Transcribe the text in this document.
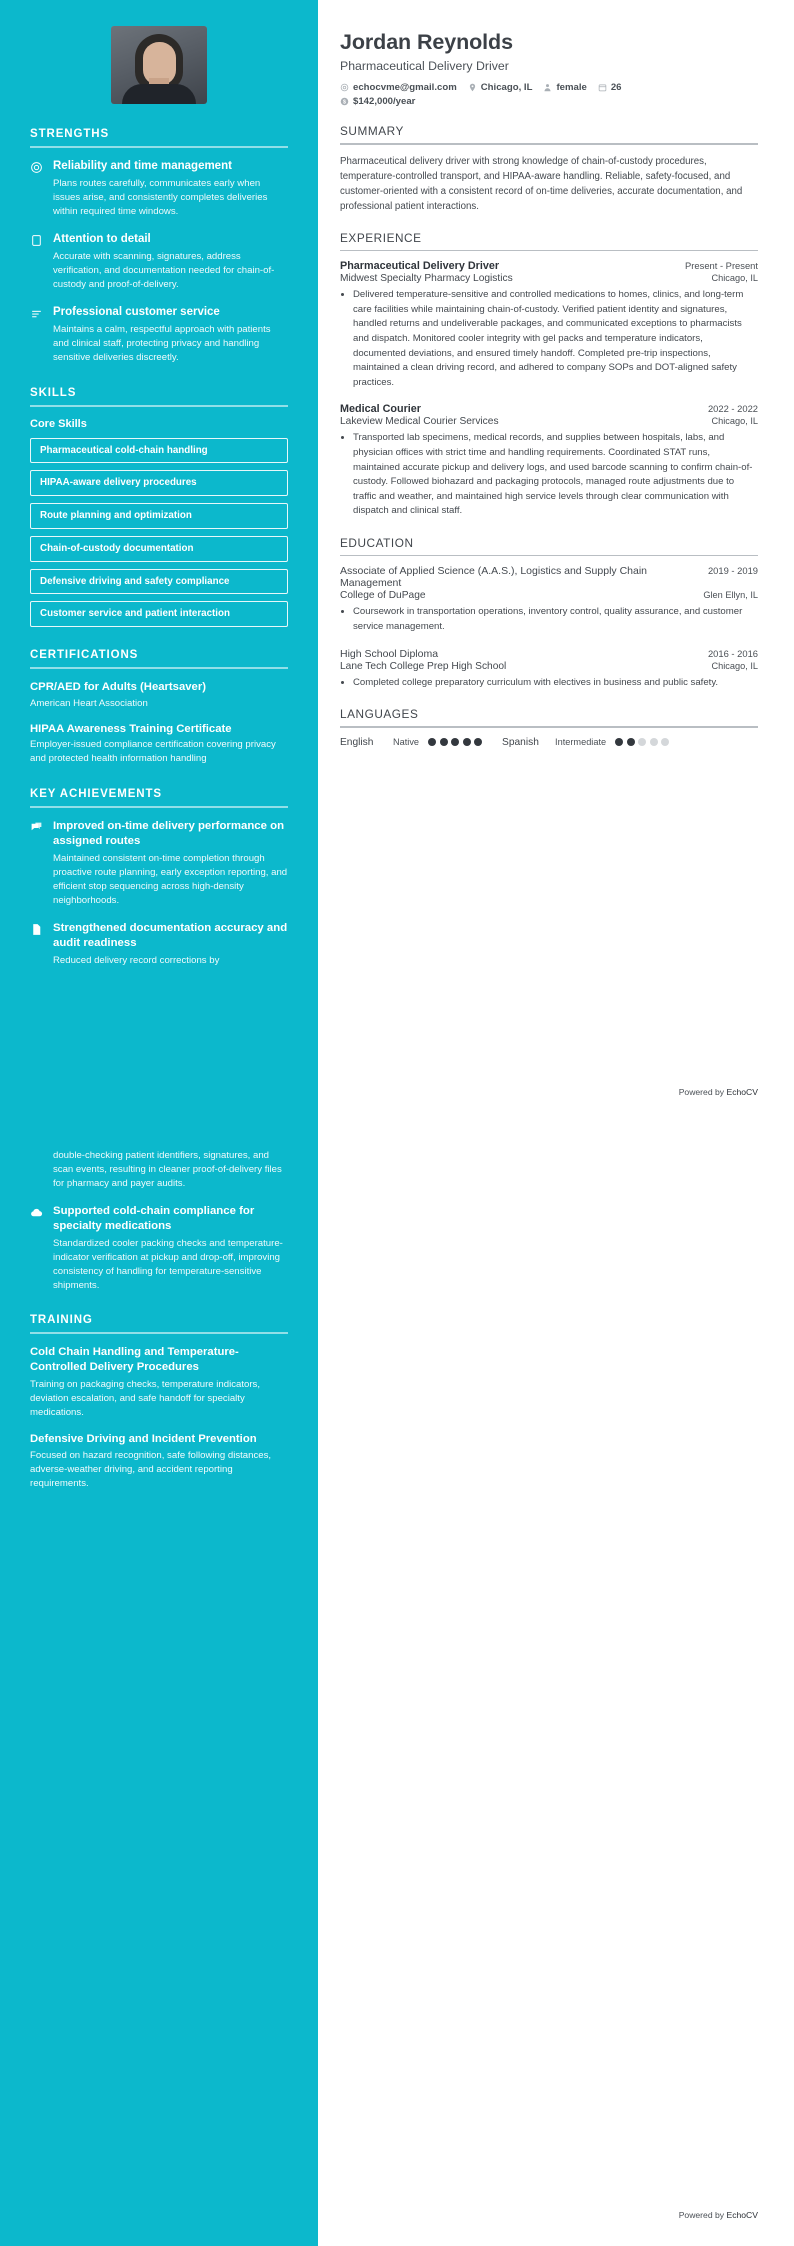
STRENGTHS
Reliability and time management
Plans routes carefully, communicates early when issues arise, and consistently completes deliveries within required time windows.
Attention to detail
Accurate with scanning, signatures, address verification, and documentation needed for chain-of-custody and proof-of-delivery.
Professional customer service
Maintains a calm, respectful approach with patients and clinical staff, protecting privacy and handling sensitive deliveries discreetly.
SKILLS
Core Skills
Pharmaceutical cold-chain handling
HIPAA-aware delivery procedures
Route planning and optimization
Chain-of-custody documentation
Defensive driving and safety compliance
Customer service and patient interaction
CERTIFICATIONS
CPR/AED for Adults (Heartsaver)
American Heart Association
HIPAA Awareness Training Certificate
Employer-issued compliance certification covering privacy and protected health information handling
KEY ACHIEVEMENTS
Improved on-time delivery performance on assigned routes
Maintained consistent on-time completion through proactive route planning, early exception reporting, and efficient stop sequencing across high-density neighborhoods.
Strengthened documentation accuracy and audit readiness
Reduced delivery record corrections by
Jordan Reynolds
Pharmaceutical Delivery Driver
echocvme@gmail.com	Chicago, IL	female	26
$ $142,000/year
SUMMARY

Pharmaceutical delivery driver with strong knowledge of chain-of-custody procedures, temperature-controlled transport, and HIPAA-aware handling. Reliable, safety-focused, and customer-oriented with a consistent record of on-time deliveries, accurate documentation, and professional patient interactions.

EXPERIENCE
Pharmaceutical Delivery Driver	Present - Present
Midwest Specialty Pharmacy Logistics	Chicago, IL
• Delivered temperature-sensitive and controlled medications to homes, clinics, and long-term care facilities while maintaining chain-of-custody. Verified patient identity and signatures, handled returns and undeliverable packages, and communicated exceptions to pharmacists and dispatch. Monitored cooler integrity with gel packs and temperature indicators, documented deviations, and ensured timely handoff. Completed pre-trip inspections, maintained a clean driving record, and adhered to company SOPs and DOT-aligned safety practices.
Medical Courier	2022 - 2022
Lakeview Medical Courier Services	Chicago, IL
• Transported lab specimens, medical records, and supplies between hospitals, labs, and physician offices with strict time and handling requirements. Coordinated STAT runs, maintained accurate pickup and delivery logs, and used barcode scanning to confirm chain-of-custody. Followed biohazard and packaging protocols, managed route adjustments due to traffic and weather, and maintained high service levels through clear communication with dispatch and clinical staff.
EDUCATION
Associate of Applied Science (A.A.S.), Logistics and Supply Chain Management
2019 - 2019
College of DuPage	Glen Ellyn, IL
• Coursework in transportation operations, inventory control, quality assurance, and customer service management.
High School Diploma	2016 - 2016
Lane Tech College Prep High School	Chicago, IL
• Completed college preparatory curriculum with electives in business and public safety.
LANGUAGES
English	Native	Spanish	Intermediate
Powered by EchoCV
double-checking patient identifiers, signatures, and scan events, resulting in cleaner proof-of-delivery files for pharmacy and payer audits.
Supported cold-chain compliance for specialty medications
Standardized cooler packing checks and temperature-indicator verification at pickup and drop-off, improving consistency of handling for temperature-sensitive shipments.
TRAINING
Cold Chain Handling and Temperature-Controlled Delivery Procedures
Training on packaging checks, temperature indicators, deviation escalation, and safe handoff for specialty medications.
Defensive Driving and Incident Prevention
Focused on hazard recognition, safe following distances, adverse-weather driving, and accident reporting requirements.
Powered by EchoCV
